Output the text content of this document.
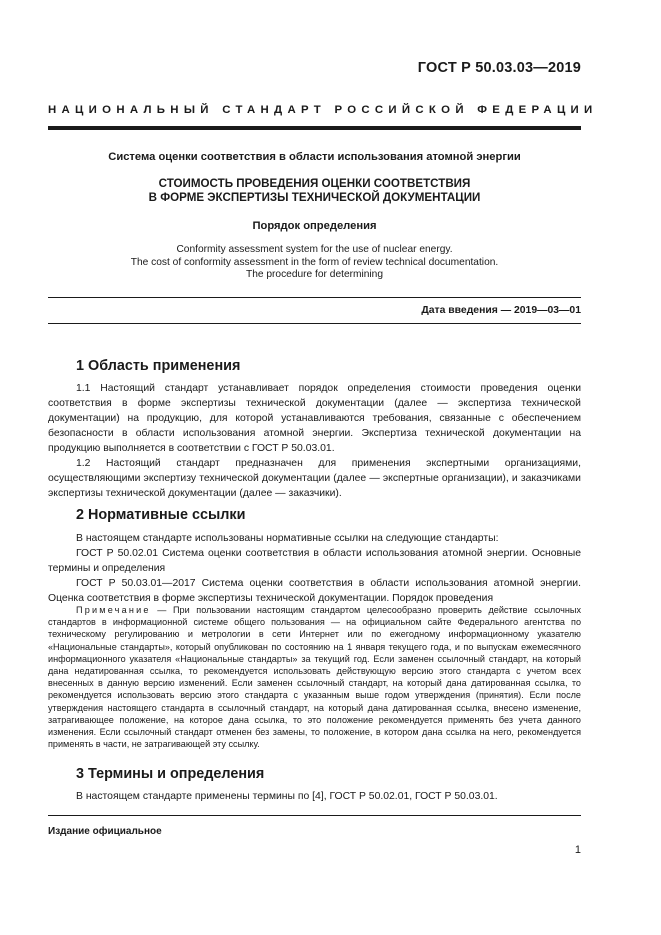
ГОСТ Р 50.03.03—2019
НАЦИОНАЛЬНЫЙ СТАНДАРТ РОССИЙСКОЙ ФЕДЕРАЦИИ
Система оценки соответствия в области использования атомной энергии
СТОИМОСТЬ ПРОВЕДЕНИЯ ОЦЕНКИ СООТВЕТСТВИЯ
В ФОРМЕ ЭКСПЕРТИЗЫ ТЕХНИЧЕСКОЙ ДОКУМЕНТАЦИИ
Порядок определения
Conformity assessment system for the use of nuclear energy.
The cost of conformity assessment in the form of review technical documentation.
The procedure for determining
Дата введения — 2019—03—01
1 Область применения

1.1 Настоящий стандарт устанавливает порядок определения стоимости проведения оценки соответствия в форме экспертизы технической документации (далее — экспертиза технической документации) на продукцию, для которой устанавливаются требования, связанные с обеспечением безопасности в области использования атомной энергии. Экспертиза технической документации на продукцию выполняется в соответствии с ГОСТ Р 50.03.01.

1.2 Настоящий стандарт предназначен для применения экспертными организациями, осуществляющими экспертизу технической документации (далее — экспертные организации), и заказчиками экспертизы технической документации (далее — заказчики).

2 Нормативные ссылки

В настоящем стандарте использованы нормативные ссылки на следующие стандарты:

ГОСТ Р 50.02.01 Система оценки соответствия в области использования атомной энергии. Основные термины и определения

ГОСТ Р 50.03.01—2017 Система оценки соответствия в области использования атомной энергии. Оценка соответствия в форме экспертизы технической документации. Порядок проведения

Примечание — При пользовании настоящим стандартом целесообразно проверить действие ссылочных стандартов в информационной системе общего пользования — на официальном сайте Федерального агентства по техническому регулированию и метрологии в сети Интернет или по ежегодному информационному указателю «Национальные стандарты», который опубликован по состоянию на 1 января текущего года, и по выпускам ежемесячного информационного указателя «Национальные стандарты» за текущий год. Если заменен ссылочный стандарт, на который дана недатированная ссылка, то рекомендуется использовать действующую версию этого стандарта с учетом всех внесенных в данную версию изменений. Если заменен ссылочный стандарт, на который дана датированная ссылка, то рекомендуется использовать версию этого стандарта с указанным выше годом утверждения (принятия). Если после утверждения настоящего стандарта в ссылочный стандарт, на который дана датированная ссылка, внесено изменение, затрагивающее положение, на которое дана ссылка, то это положение рекомендуется применять без учета данного изменения. Если ссылочный стандарт отменен без замены, то положение, в котором дана ссылка на него, рекомендуется применять в части, не затрагивающей эту ссылку.

3 Термины и определения

В настоящем стандарте применены термины по [4], ГОСТ Р 50.02.01, ГОСТ Р 50.03.01.

Издание официальное
1
